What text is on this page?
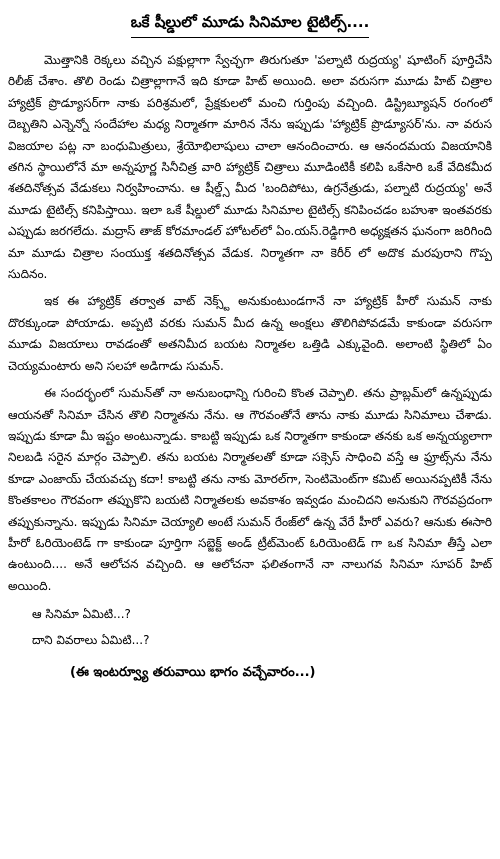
ఒకే షీల్డులో మూడు సినిమాల టైటిల్స్....

మొత్తానికి రెక్కలు వచ్చిన పక్షుల్లాగా స్వేచ్ఛగా తిరుగుతూ 'పల్నాటి రుద్రయ్య' షూటింగ్ పూర్తిచేసి రిలీజ్ చేశాం. తొలి రెండు చిత్రాల్లాగానే ఇది కూడా హిట్ అయింది. అలా వరుసగా మూడు హిట్ చిత్రాల హ్యాట్రిక్ ప్రొడ్యూసర్‌గా నాకు పరిశ్రమలో, ప్రేక్షకులలో మంచి గుర్తింపు వచ్చింది. డిస్ట్రిబ్యూషన్ రంగంలో దెబ్బతిని ఎన్నెన్నో సందేహాల మధ్య నిర్మాతగా మారిన నేను ఇప్పుడు 'హ్యాట్రిక్ ప్రొడ్యూసర్'ను. నా వరుస విజయాల పట్ల నా బంధుమిత్రులు, శ్రేయోభిలాషులు చాలా ఆనందించారు. ఆ ఆనందమయ విజయానికి తగిన స్థాయిలోనే మా అన్నపూర్ణ సినీచిత్ర వారి హ్యాట్రిక్ చిత్రాలు మూడింటికీ కలిపి ఒకేసారి ఒకే వేదికమీద శతదినోత్సవ వేడుకలు నిర్వహించాను. ఆ షీల్డ్స్ మీద 'బందిపోటు, ఉగ్రనేత్రుడు, పల్నాటి రుద్రయ్య' అనే మూడు టైటిల్స్ కనిపిస్తాయి. ఇలా ఒకే షీల్డులో మూడు సినిమాల టైటిల్స్ కనిపించడం బహుశా ఇంతవరకు ఎప్పుడు జరగలేదు. మద్రాస్ తాజ్ కోరమాండల్ హోటల్‌లో ఏం.యస్.రెడ్డిగారి అధ్యక్షతన ఘనంగా జరిగింది మా మూడు చిత్రాల సంయుక్త శతదినోత్సవ వేడుక. నిర్మాతగా నా కెరీర్ లో అదొక మరపురాని గొప్ప సుదినం.

ఇక ఈ హ్యాట్రిక్ తర్వాత వాట్ నెక్స్ట్ అనుకుంటుండగానే నా హ్యాట్రిక్ హీరో సుమన్ నాకు దొరక్కుండా పోయాడు. అప్పటి వరకు సుమన్ మీద ఉన్న అంక్షలు తొలిగిపోవడమే కాకుండా వరుసగా మూడు విజయాలు రావడంతో అతనిమీద బయట నిర్మాతల ఒత్తిడి ఎక్కువైంది. అలాంటి స్థితిలో ఏం చెయ్యమంటారు అని సలహా అడిగాడు సుమన్.

ఈ సందర్భంలో సుమన్‌తో నా అనుబంధాన్ని గురించి కొంత చెప్పాలి. తను ప్రాబ్లమ్‌లో ఉన్నప్పుడు ఆయనతో సినిమా చేసిన తొలి నిర్మాతను నేను. ఆ గౌరవంతోనే తాను నాకు మూడు సినిమాలు చేశాడు. ఇప్పుడు కూడా మీ ఇష్టం అంటున్నాడు. కాబట్టి ఇప్పుడు ఒక నిర్మాతగా కాకుండా తనకు ఒక అన్నయ్యలాగా నిలబడి సరైన మార్గం చెప్పాలి. తను బయట నిర్మాతలతో కూడా సక్సెస్ సాధించి వస్తే ఆ ఫ్రూట్స్‌ను నేను కూడా ఎంజాయ్ చేయవచ్చు కదా! కాబట్టి తను నాకు మోరల్‌గా, సెంటిమెంట్‌గా కమిట్ అయినప్పటికీ నేను కొంతకాలం గౌరవంగా తప్పుకొని బయటి నిర్మాతలకు అవకాశం ఇవ్వడం మంచిదని అనుకుని గౌరవప్రదంగా తప్పుకున్నాను. ఇప్పుడు సినిమా చెయ్యాలి అంటే సుమన్ రేంజ్‌లో ఉన్న వేరే హీరో ఎవరు? ఆనుకు ఈసారి హీరో ఓరియెంటెడ్ గా కాకుండా పూర్తిగా సబ్జెక్ట్ అండ్ ట్రీట్‌మెంట్ ఓరియెంటెడ్ గా ఒక సినిమా తీస్తే ఎలా ఉంటుంది.... అనే ఆలోచన వచ్చింది. ఆ ఆలోచనా ఫలితంగానే నా నాలుగవ సినిమా సూపర్ హిట్ అయింది.

ఆ సినిమా ఏమిటి...?
దాని వివరాలు ఏమిటి...?
(ఈ ఇంటర్వ్యూ తరువాయి భాగం వచ్చేవారం...)
